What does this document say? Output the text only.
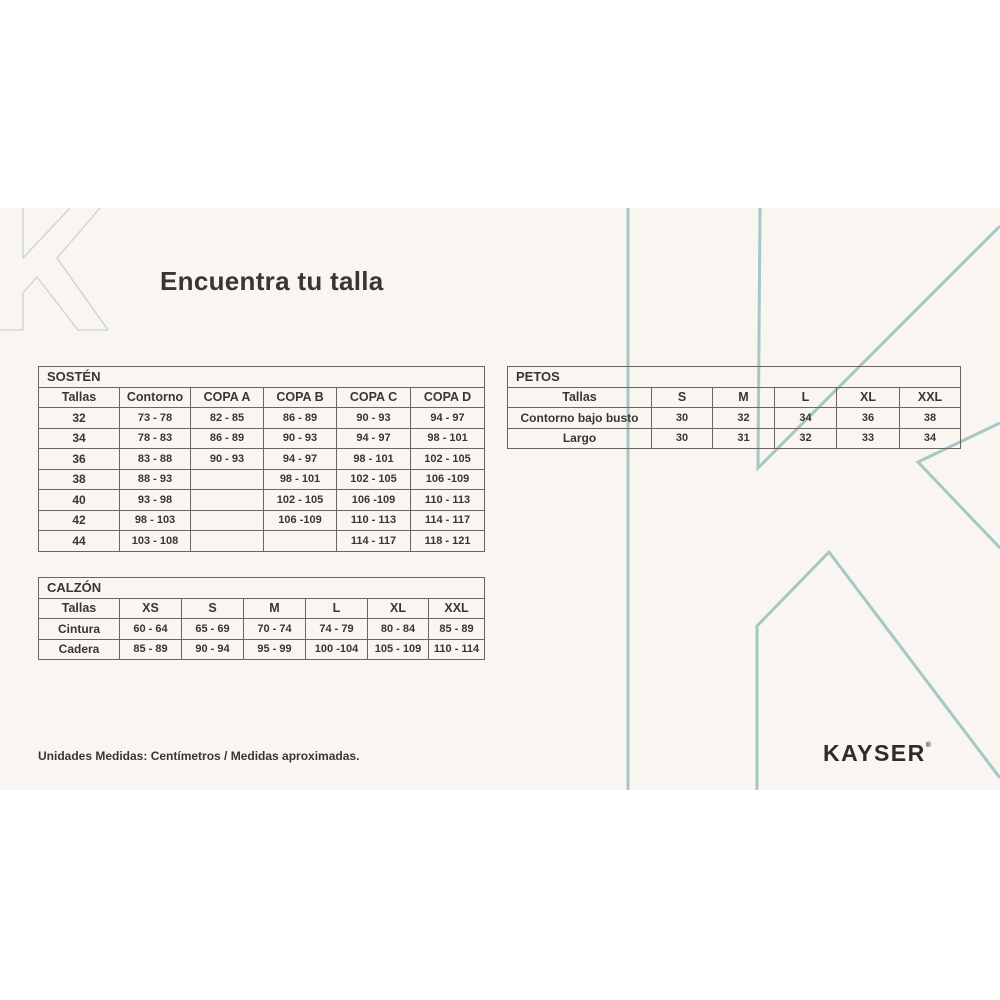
Encuentra tu talla
SOSTÉN					
Tallas	Contorno	COPA A	COPA B	COPA C	COPA D
32	73 - 78	82 - 85	86 - 89	90 - 93	94 - 97
34	78 - 83	86 - 89	90 - 93	94 - 97	98 - 101
36	83 - 88	90 - 93	94 - 97	98 - 101	102 - 105
38	88 - 93		98 - 101	102 - 105	106 -109
40	93 - 98		102 - 105	106 -109	110 - 113
42	98 - 103		106 -109	110 - 113	114 - 117
44	103 - 108			114 - 117	118 - 121
CALZÓN						
Tallas	XS	S	M	L	XL	XXL
Cintura	60 - 64	65 - 69	70 - 74	74 - 79	80 - 84	85 - 89
Cadera	85 - 89	90 - 94	95 - 99	100 -104	105 - 109	110 - 114
PETOS					
Tallas	S	M	L	XL	XXL
Contorno bajo busto	30	32	34	36	38
Largo	30	31	32	33	34
Unidades Medidas: Centímetros / Medidas aproximadas.	KAYSER®
